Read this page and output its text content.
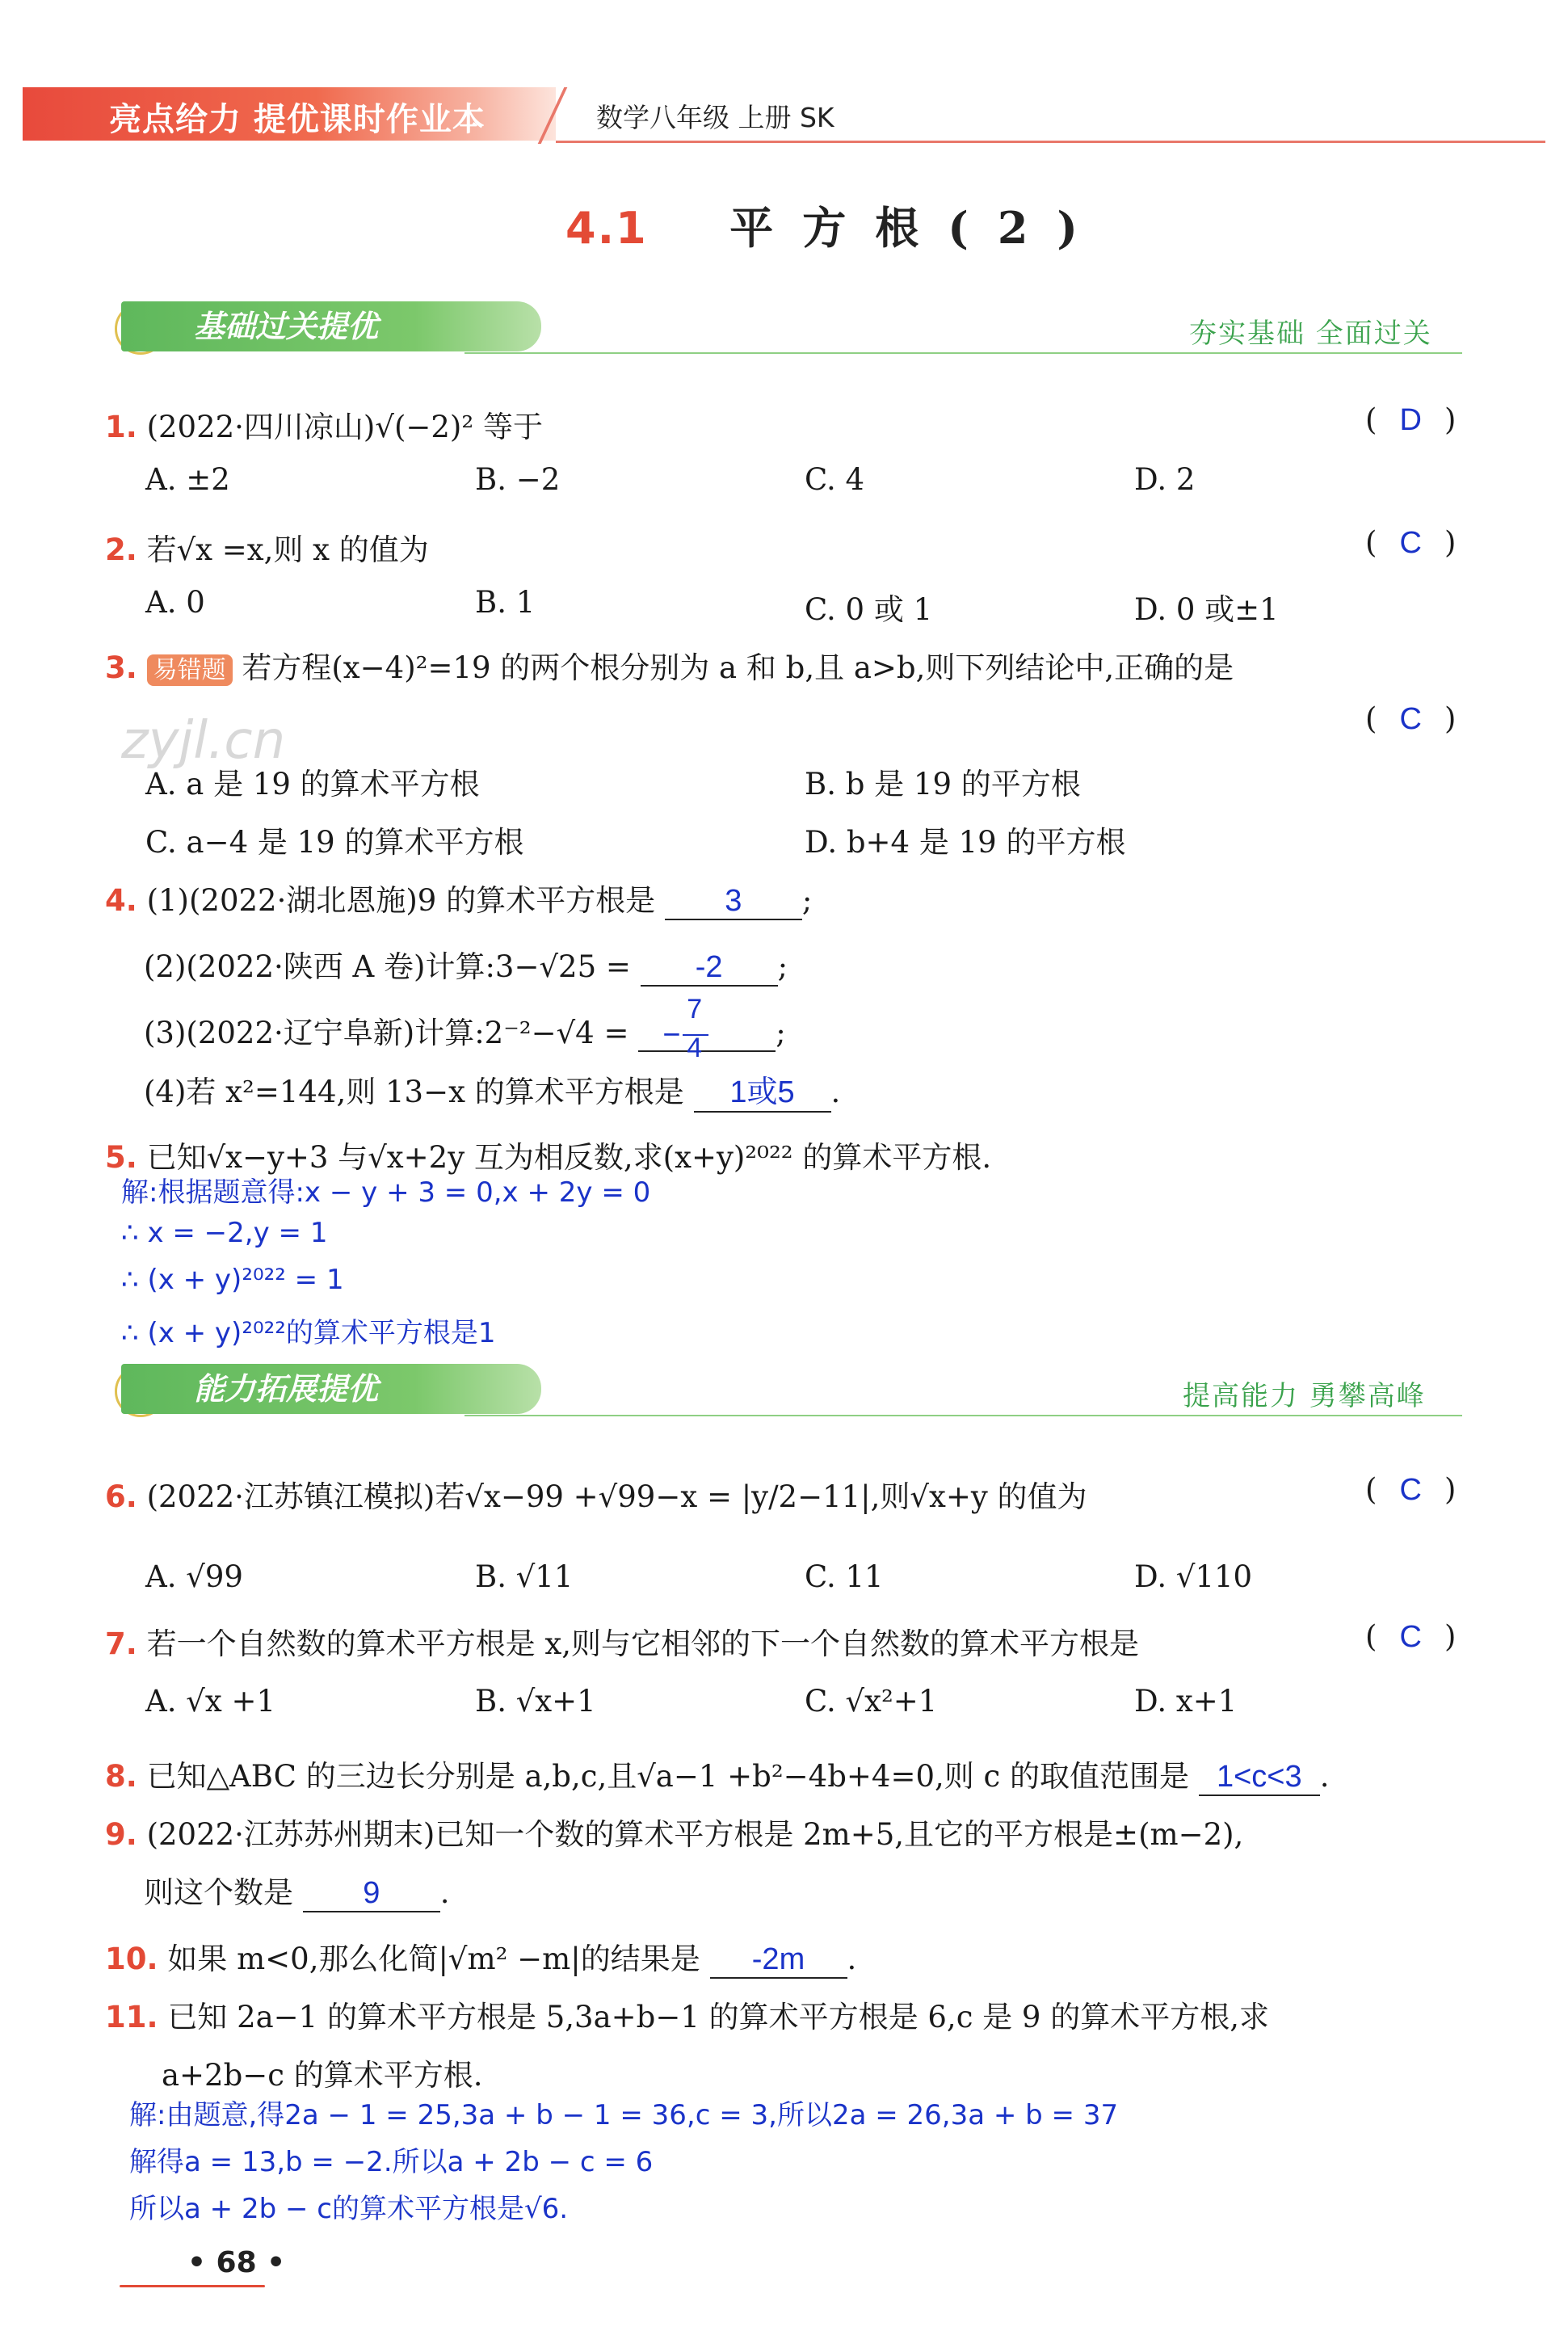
亮点给力 提优课时作业本	数学八年级 上册 SK
4.1 平方根(2)
基础过关提优	夯实基础 全面过关
zyjl.cn
1. (2022·四川凉山)√(−2)² 等于	( D )
A. ±2	B. −2	C. 4	D. 2
2. 若√x =x,则 x 的值为	( C )
A. 0	B. 1	C. 0 或 1	D. 0 或±1
3. 易错题 若方程(x−4)²=19 的两个根分别为 a 和 b,且 a>b,则下列结论中,正确的是
( C )
A. a 是 19 的算术平方根	B. b 是 19 的平方根
C. a−4 是 19 的算术平方根	D. b+4 是 19 的平方根
4. (1)(2022·湖北恩施)9 的算术平方根是 3 ;
(2)(2022·陕西 A 卷)计算:3−√25 = -2 ;
(3)(2022·辽宁阜新)计算:2⁻²−√4 = −
7
4 ;
(4)若 x²=144,则 13−x 的算术平方根是 1或5 .
5. 已知√x−y+3 与√x+2y 互为相反数,求(x+y)²⁰²² 的算术平方根.
解:根据题意得:x − y + 3 = 0,x + 2y = 0
∴ x = −2,y = 1
∴ (x + y)²⁰²² = 1
∴ (x + y)²⁰²²的算术平方根是1
能力拓展提优	提高能力 勇攀高峰
6. (2022·江苏镇江模拟)若√x−99 +√99−x = |y/2−11|,则√x+y 的值为	( C )
A. √99	B. √11	C. 11	D. √110
7. 若一个自然数的算术平方根是 x,则与它相邻的下一个自然数的算术平方根是	( C )
A. √x +1	B. √x+1	C. √x²+1	D. x+1
8. 已知△ABC 的三边长分别是 a,b,c,且√a−1 +b²−4b+4=0,则 c 的取值范围是 1<c<3 .
9. (2022·江苏苏州期末)已知一个数的算术平方根是 2m+5,且它的平方根是±(m−2),
则这个数是 9 .
10. 如果 m<0,那么化简|√m² −m|的结果是 -2m .
11. 已知 2a−1 的算术平方根是 5,3a+b−1 的算术平方根是 6,c 是 9 的算术平方根,求
a+2b−c 的算术平方根.
解:由题意,得2a − 1 = 25,3a + b − 1 = 36,c = 3,所以2a = 26,3a + b = 37
解得a = 13,b = −2.所以a + 2b − c = 6
所以a + 2b − c的算术平方根是√6.
• 68 •
